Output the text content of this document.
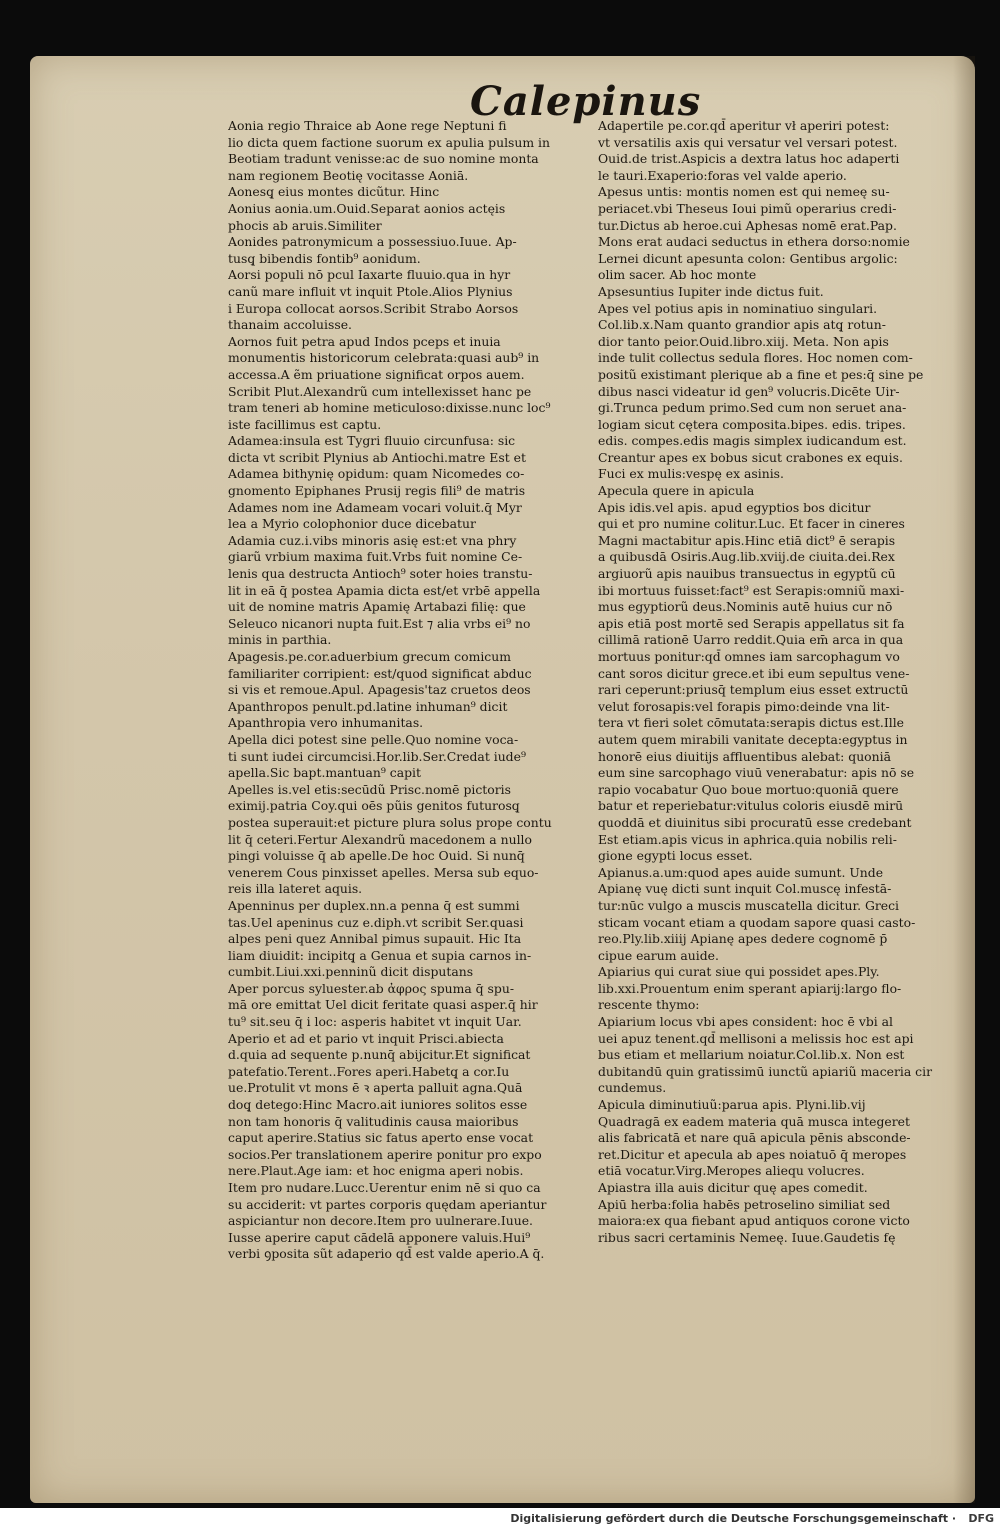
Calepinus
Aonia regio Thraice ab Aone rege Neptuni fi
lio dicta quem factione suorum ex apulia pulsum in
Beotiam tradunt venisse:ac de suo nomine monta
nam regionem Beotię vocitasse Aoniā.
Aonesq̧ eius montes dicũtur. Hinc
Aonius aonia.um.Ouid.Separat aonios actęis
phocis ab aruis.Similiter
Aonides patronymicum a possessiuo.Iuue. Ap-
tusq̧ bibendis fontib⁹ aonidum.
Aorsi populi nō pcul Iaxarte fluuio.qua in hyr
canũ mare influit vt inquit Ptole.Alios Plynius
i Europa collocat aorsos.Scribit Strabo Aorsos
thanaim accoluisse.
Aornos fuit petra apud Indos pceps et inuia
monumentis historicorum celebrata:quasi aub⁹ in
accessa.A ẽm priuatione significat orpos auem.
Scribit Plut.Alexandrũ cum intellexisset hanc pe
tram teneri ab homine meticuloso:dixisse.nunc loc⁹
iste facillimus est captu.
Adamea:insula est Tygri fluuio circunfusa: sic
dicta vt scribit Plynius ab Antiochi.matre Est et
Adamea bithynię opidum: quam Nicomedes co-
gnomento Epiphanes Prusij regis fili⁹ de matris
Adames nom ine Adameam vocari voluit.q̄ Myr
lea a Myrio colophonior duce dicebatur
Adamia cuz.i.vibs minoris asię est:et vna phry
giarũ vrbium maxima fuit.Vrbs fuit nomine Ce-
lenis qua destructa Antioch⁹ soter hoies transtu-
lit in eā q̄ postea Apamia dicta est/et vrbē appella
uit de nomine matris Apamię Artabazi filię: que
Seleuco nicanori nupta fuit.Est ⁊ alia vrbs ei⁹ no
minis in parthia.
Apagesis.pe.cor.aduerbium grecum comicum
familiariter corripient: est/quod significat abduc
si vis et remoue.Apul. Apagesis'taz cruetos deos
Apanthropos penult.pd.latine inhuman⁹ dicit
Apanthropia vero inhumanitas.
Apella dici potest sine pelle.Quo nomine voca-
ti sunt iudei circumcisi.Hor.lib.Ser.Credat iude⁹
apella.Sic bapt.mantuan⁹ capit
Apelles is.vel etis:secūdũ Prisc.nomē pictoris
eximij.patria Coy.qui oēs pũis genitos futurosq̧
postea superauit:et picture plura solus prope contu
lit q̄ ceteri.Fertur Alexandrũ macedonem a nullo
pingi voluisse q̄ ab apelle.De hoc Ouid. Si nunq̄
venerem Cous pinxisset apelles. Mersa sub equo-
reis illa lateret aquis.
Apenninus per duplex.nn.a penna q̄ est summi
tas.Uel apeninus cuz e.diph.vt scribit Ser.quasi
alpes peni quez Annibal pimus supauit. Hic Ita
liam diuidit: incipitq̧ a Genua et supia carnos in-
cumbit.Liui.xxi.penninũ dicit disputans
Aper porcus syluester.ab ἀφρος spuma q̄ spu-
mā ore emittat Uel dicit feritate quasi asper.q̄ hir
tu⁹ sit.seu q̄ i loc: asperis habitet vt inquit Uar.
Aperio et ad et pario vt inquit Prisci.abiecta
d.quia ad sequente p.nunq̄ abijcitur.Et significat
patefatio.Terent..Fores aperi.Habetq̧ a cor.Iu
ue.Protulit vt mons ē ꝛ aperta palluit agna.Quā
doq̧ detego:Hinc Macro.ait iuniores solitos esse
non tam honoris q̄ valitudinis causa maioribus
caput aperire.Statius sic fatus aperto ense vocat
socios.Per translationem aperire ponitur pro expo
nere.Plaut.Age iam: et hoc enigma aperi nobis.
Item pro nudare.Lucc.Uerentur enim nē si quo ca
su acciderit: vt partes corporis quędam aperiantur
aspiciantur non decore.Item pro uulnerare.Iuue.
Iusse aperire caput cādelā apponere valuis.Hui⁹
verbi ꝯposita sũt adaperio qd̄ est valde aperio.A q̄.
Adapertile pe.cor.qd̄ aperitur vł aperiri potest:
vt versatilis axis qui versatur vel versari potest.
Ouid.de trist.Aspicis a dextra latus hoc adaperti
le tauri.Exaperio:foras vel valde aperio.
Apesus untis: montis nomen est qui nemeę su-
periacet.vbi Theseus Ioui pimũ operarius credi-
tur.Dictus ab heroe.cui Aphesas nomē erat.Pap.
Mons erat audaci seductus in ethera dorso:nomie
Lernei dicunt apesunta colon: Gentibus argolic:
olim sacer. Ab hoc monte
Apsesuntius Iupiter inde dictus fuit.
Apes vel potius apis in nominatiuo singulari.
Col.lib.x.Nam quanto grandior apis atq̧ rotun-
dior tanto peior.Ouid.libro.xiij. Meta. Non apis
inde tulit collectus sedula flores. Hoc nomen com-
positũ existimant plerique ab a fine et pes:q̄ sine pe
dibus nasci videatur id gen⁹ volucris.Dicēte Uir-
gi.Trunca pedum primo.Sed cum non seruet ana-
logiam sicut cętera composita.bipes. edis. tripes.
edis. compes.edis magis simplex iudicandum est.
Creantur apes ex bobus sicut crabones ex equis.
Fuci ex mulis:vespę ex asinis.
Apecula quere in apicula
Apis idis.vel apis. apud egyptios bos dicitur
qui et pro numine colitur.Luc. Et facer in cineres
Magni mactabitur apis.Hinc etiā dict⁹ ē serapis
a quibusdā Osiris.Aug.lib.xviij.de ciuita.dei.Rex
argiuorũ apis nauibus transuectus in egyptũ cū
ibi mortuus fuisset:fact⁹ est Serapis:omniũ maxi-
mus egyptiorũ deus.Nominis autē huius cur nō
apis etiā post mortē sed Serapis appellatus sit fa
cillimā rationē Uarro reddit.Quia em̄ arca in qua
mortuus ponitur:qd̄ omnes iam sarcophagum vo
cant soros dicitur grece.et ibi eum sepultus vene-
rari ceperunt:priusq̄ templum eius esset extructū
velut forosapis:vel forapis pimo:deinde vna lit-
tera vt fieri solet cōmutata:serapis dictus est.Ille
autem quem mirabili vanitate decepta:egyptus in
honorē eius diuitijs affluentibus alebat: quoniā
eum sine sarcophago viuū venerabatur: apis nō se
rapio vocabatur Quo boue mortuo:quoniā quere
batur et reperiebatur:vitulus coloris eiusdē mirū
quoddā et diuinitus sibi procuratū esse credebant
Est etiam.apis vicus in aphrica.quia nobilis reli-
gione egypti locus esset.
Apianus.a.um:quod apes auide sumunt. Unde
Apianę vuę dicti sunt inquit Col.muscę infestā-
tur:nūc vulgo a muscis muscatella dicitur. Greci
sticam vocant etiam a quodam sapore quasi casto-
reo.Ply.lib.xiiij Apianę apes dedere cognomē p̄
cipue earum auide.
Apiarius qui curat siue qui possidet apes.Ply.
lib.xxi.Prouentum enim sperant apiarij:largo flo-
rescente thymo:
Apiarium locus vbi apes consident: hoc ē vbi al
uei apuz tenent.qd̄ mellisoni a melissis hoc est api
bus etiam et mellarium noiatur.Col.lib.x. Non est
dubitandū quin gratissimū iunctũ apiariũ maceria cir
cundemus.
Apicula diminutiuũ:parua apis. Plyni.lib.vij
Quadragā ex eadem materia quā musca integeret
alis fabricatā et nare quā apicula pēnis absconde-
ret.Dicitur et apecula ab apes noiatuō q̄ meropes
etiā vocatur.Virg.Meropes aliequ volucres.
Apiastra illa auis dicitur quę apes comedit.
Apiū herba:folia habēs petroselino similiat sed
maiora:ex qua fiebant apud antiquos corone victo
ribus sacri certaminis Nemeę. Iuue.Gaudetis fę
Digitalisierung gefördert durch die Deutsche Forschungsgemeinschaft · DFG
